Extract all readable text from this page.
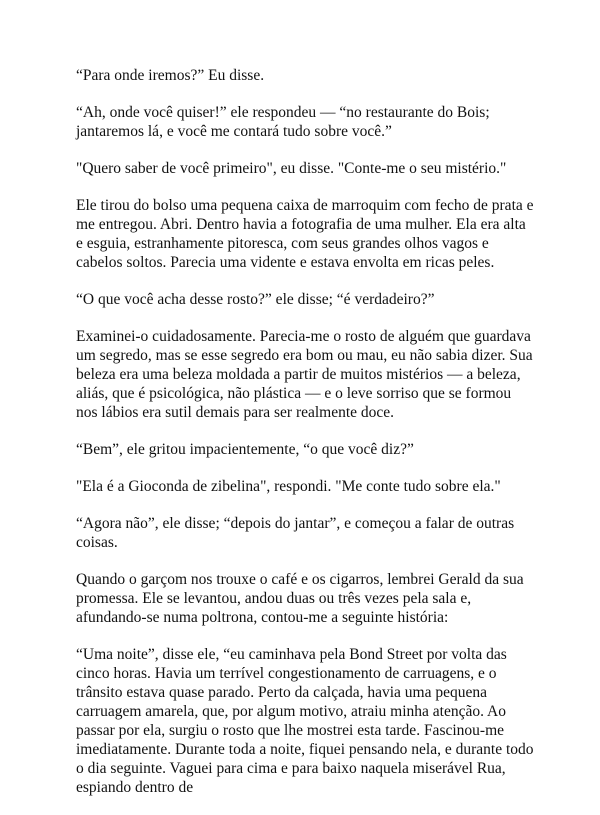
“Para onde iremos?” Eu disse.

“Ah, onde você quiser!” ele respondeu — “no restaurante do Bois; jantaremos lá, e você me contará tudo sobre você.”

"Quero saber de você primeiro", eu disse. "Conte-me o seu mistério."

Ele tirou do bolso uma pequena caixa de marroquim com fecho de prata e me entregou. Abri. Dentro havia a fotografia de uma mulher. Ela era alta e esguia, estranhamente pitoresca, com seus grandes olhos vagos e cabelos soltos. Parecia uma vidente e estava envolta em ricas peles.

“O que você acha desse rosto?” ele disse; “é verdadeiro?”

Examinei-o cuidadosamente. Parecia-me o rosto de alguém que guardava um segredo, mas se esse segredo era bom ou mau, eu não sabia dizer. Sua beleza era uma beleza moldada a partir de muitos mistérios — a beleza, aliás, que é psicológica, não plástica — e o leve sorriso que se formou nos lábios era sutil demais para ser realmente doce.

“Bem”, ele gritou impacientemente, “o que você diz?”

"Ela é a Gioconda de zibelina", respondi. "Me conte tudo sobre ela."

“Agora não”, ele disse; “depois do jantar”, e começou a falar de outras coisas.

Quando o garçom nos trouxe o café e os cigarros, lembrei Gerald da sua promessa. Ele se levantou, andou duas ou três vezes pela sala e, afundando-se numa poltrona, contou-me a seguinte história:

“Uma noite”, disse ele, “eu caminhava pela Bond Street por volta das cinco horas. Havia um terrível congestionamento de carruagens, e o trânsito estava quase parado. Perto da calçada, havia uma pequena carruagem amarela, que, por algum motivo, atraiu minha atenção. Ao passar por ela, surgiu o rosto que lhe mostrei esta tarde. Fascinou-me imediatamente. Durante toda a noite, fiquei pensando nela, e durante todo o dia seguinte. Vaguei para cima e para baixo naquela miserável Rua, espiando dentro de
